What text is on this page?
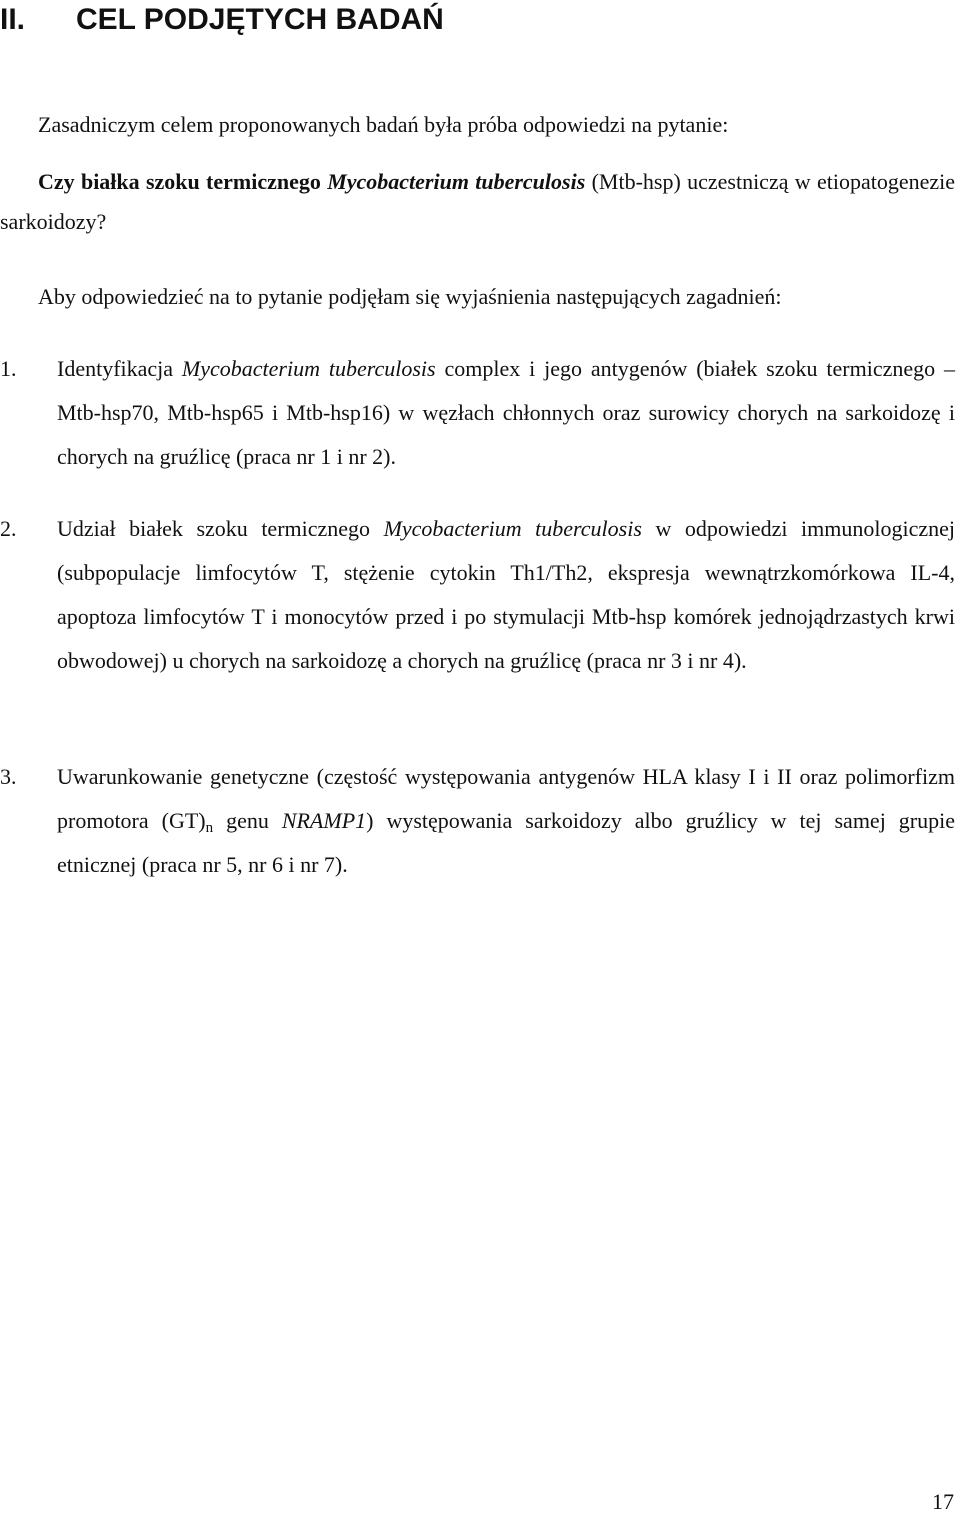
II. CEL PODJĘTYCH BADAŃ

Zasadniczym celem proponowanych badań była próba odpowiedzi na pytanie:

Czy białka szoku termicznego Mycobacterium tuberculosis (Mtb-hsp) uczestniczą w etiopatogenezie sarkoidozy?

Aby odpowiedzieć na to pytanie podjęłam się wyjaśnienia następujących zagadnień:

1. Identyfikacja Mycobacterium tuberculosis complex i jego antygenów (białek szoku termicznego –Mtb-hsp70, Mtb-hsp65 i Mtb-hsp16) w węzłach chłonnych oraz surowicy chorych na sarkoidozę i chorych na gruźlicę (praca nr 1 i nr 2).

2. Udział białek szoku termicznego Mycobacterium tuberculosis w odpowiedzi immunologicznej (subpopulacje limfocytów T, stężenie cytokin Th1/Th2, ekspresja wewnątrzkomórkowa IL-4, apoptoza limfocytów T i monocytów przed i po stymulacji Mtb-hsp komórek jednojądrzastych krwi obwodowej) u chorych na sarkoidozę a chorych na gruźlicę (praca nr 3 i nr 4).

3. Uwarunkowanie genetyczne (częstość występowania antygenów HLA klasy I i II oraz polimorfizm promotora $(GT)_n$ genu NRAMP1) występowania sarkoidozy albo gruźlicy w tej samej grupie etnicznej (praca nr 5, nr 6 i nr 7).

17
